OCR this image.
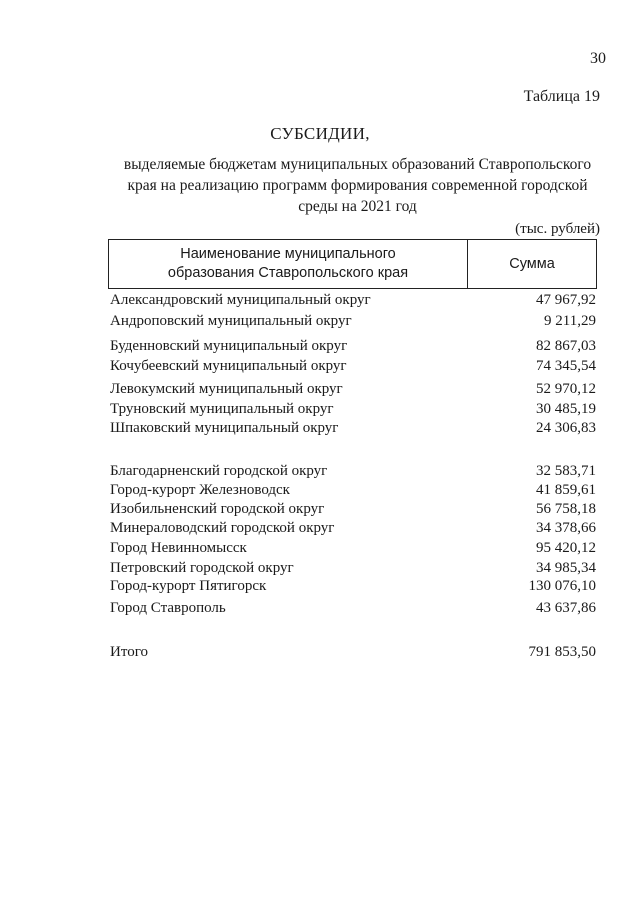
30
Таблица 19
СУБСИДИИ,
выделяемые бюджетам муниципальных образований Ставропольского края на реализацию программ формирования современной городской среды на 2021 год
(тыс. рублей)
Наименование муниципального
образования Ставропольского края
Сумма
Александровский муниципальный округ	47 967,92
Андроповский муниципальный округ	9 211,29
Буденновский муниципальный округ	82 867,03
Кочубеевский муниципальный округ	74 345,54
Левокумский муниципальный округ	52 970,12
Труновский муниципальный округ	30 485,19
Шпаковский муниципальный округ	24 306,83
Благодарненский городской округ	32 583,71
Город-курорт Железноводск	41 859,61
Изобильненский городской округ	56 758,18
Минераловодский городской округ	34 378,66
Город Невинномысск	95 420,12
Петровский городской округ	34 985,34
Город-курорт Пятигорск	130 076,10
Город Ставрополь	43 637,86
Итого	791 853,50
